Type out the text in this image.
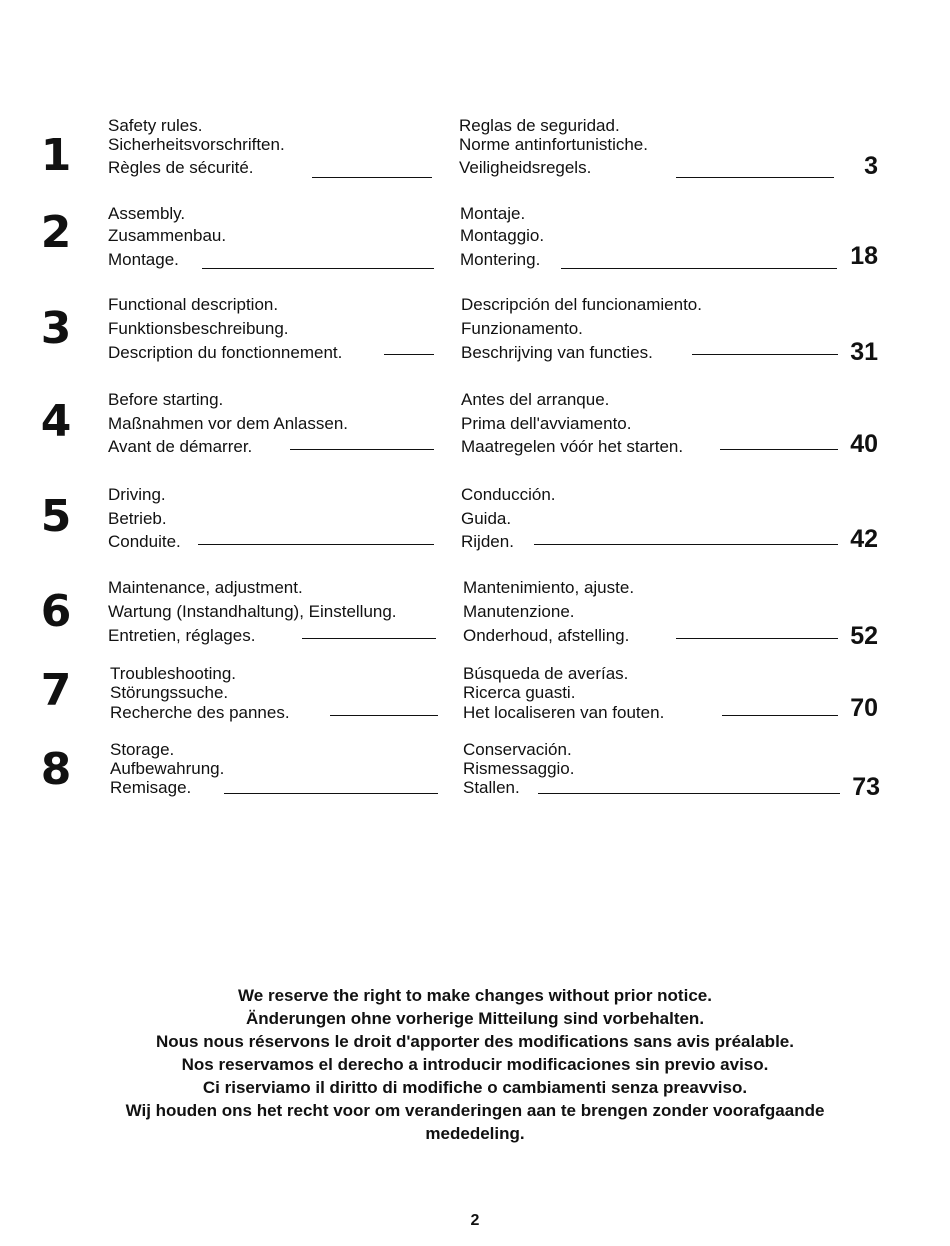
1
Safety rules.
Sicherheitsvorschriften.
Règles de sécurité.
Reglas de seguridad.
Norme antinfortunistiche.
Veiligheidsregels.	3
2	Assembly.
Zusammenbau.
Montage.
Montaje.
Montaggio.
Montering.	18
3	Functional description.
Funktionsbeschreibung.
Description du fonctionnement.
Descripción del funcionamiento.
Funzionamento.
Beschrijving van functies.	31
4	Before starting.
Maßnahmen vor dem Anlassen.
Avant de démarrer.
Antes del arranque.
Prima dell'avviamento.
Maatregelen vóór het starten.	40
5	Driving.
Betrieb.
Conduite.
Conducción.
Guida.
Rijden.	42
6	Maintenance, adjustment.
Wartung (Instandhaltung), Einstellung.
Entretien, réglages.
Mantenimiento, ajuste.
Manutenzione.
Onderhoud, afstelling.	52
7	Troubleshooting.
Störungssuche.
Recherche des pannes.
Búsqueda de averías.
Ricerca guasti.
Het localiseren van fouten.	70
8	Storage.
Aufbewahrung.
Remisage.
Conservación.
Rismessaggio.
Stallen.	73
We reserve the right to make changes without prior notice.
Änderungen ohne vorherige Mitteilung sind vorbehalten.
Nous nous réservons le droit d'apporter des modifications sans avis préalable.
Nos reservamos el derecho a introducir modificaciones sin previo aviso.
Ci riserviamo il diritto di modifiche o cambiamenti senza preavviso.
Wij houden ons het recht voor om veranderingen aan te brengen zonder voorafgaande
mededeling.
2
